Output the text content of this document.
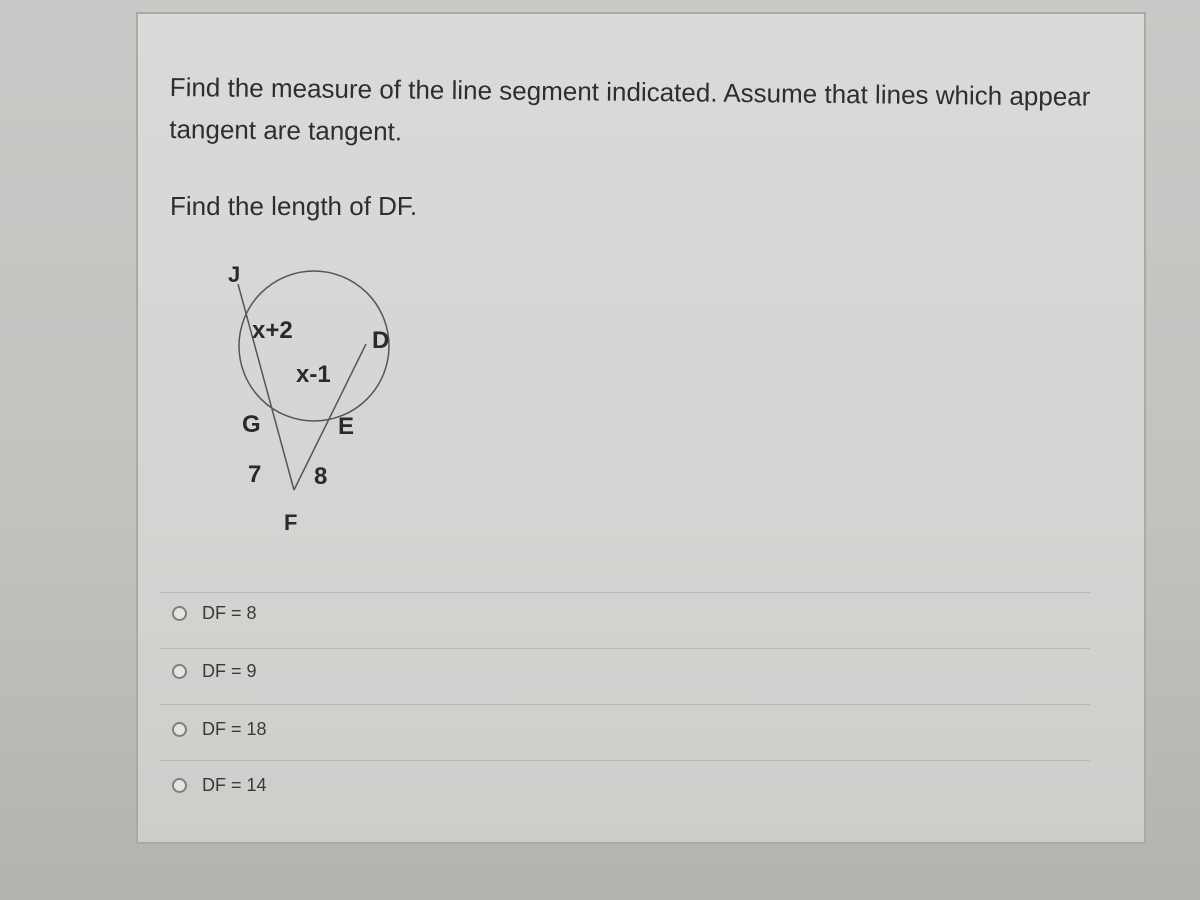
Find the measure of the line segment indicated. Assume that lines which appear tangent are tangent.

Find the length of DF.

J
D
G	E
F
x+2
x-1
7 8
DF = 8
DF = 9
DF = 18
DF = 14
